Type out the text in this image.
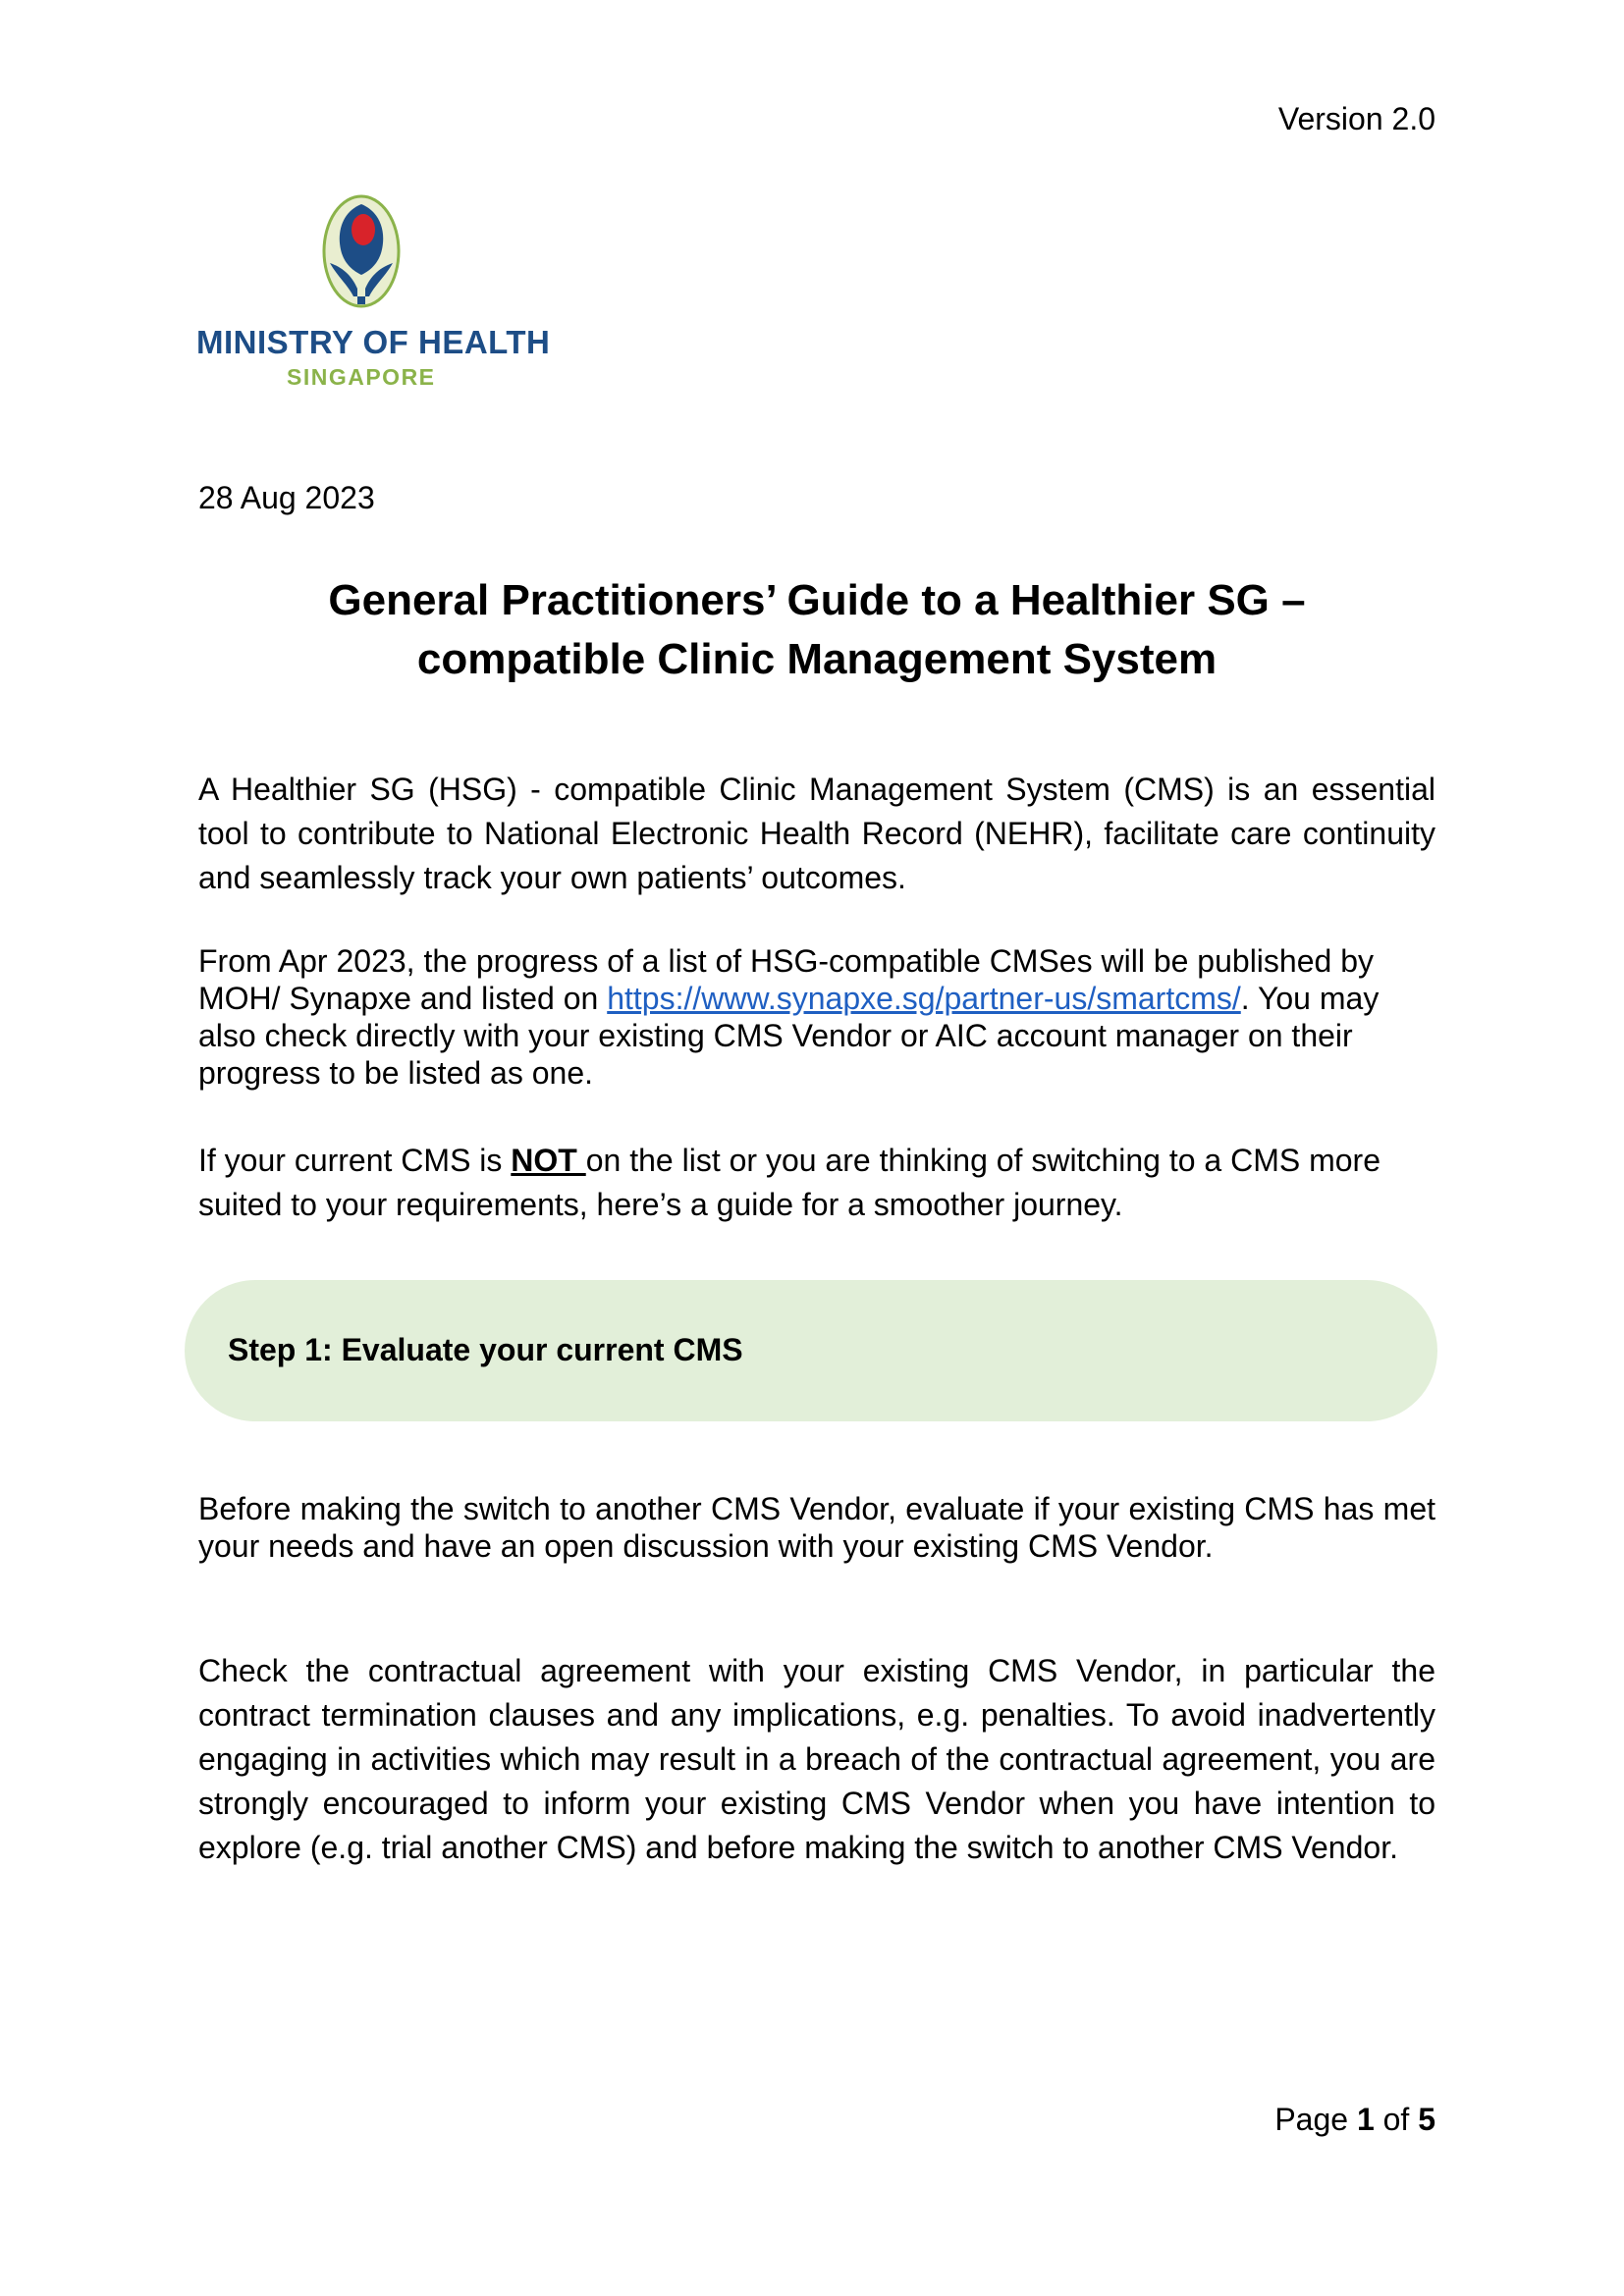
Version 2.0
MINISTRY OF HEALTH
SINGAPORE
28 Aug 2023
General Practitioners’ Guide to a Healthier SG –
compatible Clinic Management System

A Healthier SG (HSG) - compatible Clinic Management System (CMS) is an essential tool to contribute to National Electronic Health Record (NEHR), facilitate care continuity and seamlessly track your own patients’ outcomes.

From Apr 2023, the progress of a list of HSG-compatible CMSes will be published by MOH/ Synapxe and listed on https://www.synapxe.sg/partner-us/smartcms/. You may also check directly with your existing CMS Vendor or AIC account manager on their progress to be listed as one.

If your current CMS is NOT on the list or you are thinking of switching to a CMS more suited to your requirements, here’s a guide for a smoother journey.

Step 1: Evaluate your current CMS

Before making the switch to another CMS Vendor, evaluate if your existing CMS has met your needs and have an open discussion with your existing CMS Vendor.

Check the contractual agreement with your existing CMS Vendor, in particular the contract termination clauses and any implications, e.g. penalties. To avoid inadvertently engaging in activities which may result in a breach of the contractual agreement, you are strongly encouraged to inform your existing CMS Vendor when you have intention to explore (e.g. trial another CMS) and before making the switch to another CMS Vendor.

Page 1 of 5
